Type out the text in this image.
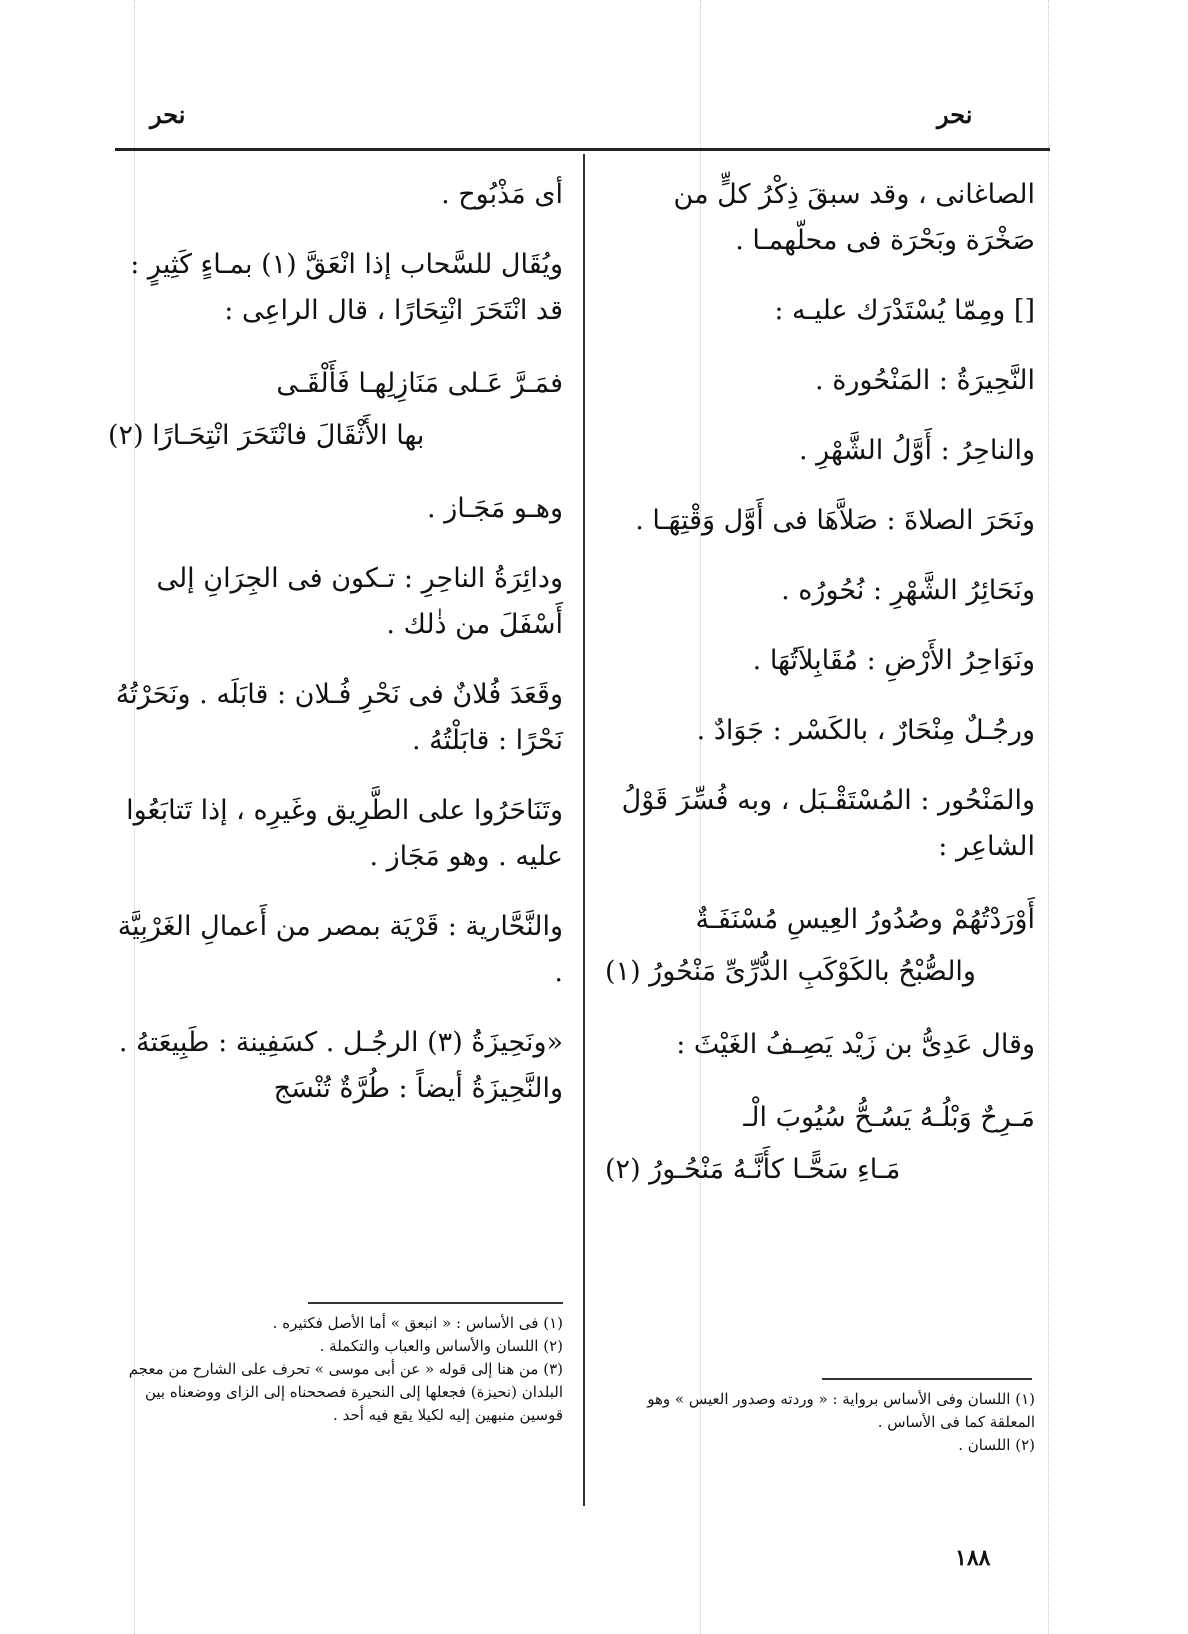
نحر	نحر

الصاغانى ، وقد سبقَ ذِكْرُ كلٍّ من صَخْرَة وبَحْرَة فى محلّهمـا .

[] ومِمّا يُسْتَدْرَك عليـه :

النَّحِيرَةُ : المَنْحُورة .

والناحِرُ : أَوَّلُ الشَّهْرِ .

ونَحَرَ الصلاةَ : صَلاَّهَا فى أَوَّل وَقْتِهَـا .

ونَحَائِرُ الشَّهْرِ : نُحُورُه .

ونَوَاحِرُ الأَرْضِ : مُقَابِلاَتُهَا .

ورجُـلٌ مِنْحَارٌ ، بالكَسْر : جَوَادٌ .

والمَنْحُور : المُسْتَقْـبَل ، وبه فُسِّرَ قَوْلُ الشاعِر :

أَوْرَدْتُهُمْ وصُدُورُ العِيسِ مُسْنَفَـةٌ
والصُّبْحُ بالكَوْكَبِ الدُّرِّىِّ مَنْحُورُ (١)

وقال عَدِىُّ بن زَيْد يَصِـفُ الغَيْثَ :

مَـرِحٌ وَبْلُـهُ يَسُـحُّ سُيُوبَ الْـ
مَـاءِ سَحًّـا كأَنَّـهُ مَنْحُـورُ (٢)
(١) اللسان وفى الأساس برواية : « وردته وصدور العيس » وهو المعلقة كما فى الأساس .
(٢) اللسان .

أى مَذْبُوح .

ويُقَال للسَّحاب إذا انْعَقَّ (١) بمـاءٍ كَثِيرٍ : قد انْتَحَرَ انْتِحَارًا ، قال الراعِى :

فمَـرَّ عَـلى مَنَازِلِهـا فَأَلْقَـى
بها الأَثْقَالَ فانْتَحَرَ انْتِحَـارًا (٢)

وهـو مَجَـاز .

ودائِرَةُ الناحِرِ : تـكون فى الجِرَانِ إلى أَسْفَلَ من ذٰلك .

وقَعَدَ فُلانٌ فى نَحْرِ فُـلان : قابَلَه . ونَحَرْتُهُ نَحْرًا : قابَلْتُهُ .

وتَنَاحَرُوا على الطَّرِيق وغَيرِه ، إذا تَتابَعُوا عليه . وهو مَجَاز .

والنَّحَّارية : قَرْيَة بمصر من أَعمالِ الغَرْبِيَّة .

«ونَحِيزَةُ (٣) الرجُـل . كسَفِينة : طَبِيعَتهُ . والنَّحِيزَةُ أيضاً : طُرَّةٌ تُنْسَج

(١) فى الأساس : « انبعق » أما الأصل فكثيره .
(٢) اللسان والأساس والعباب والتكملة .
(٣) من هنا إلى قوله « عن أبى موسى » تحرف على الشارح من معجم البلدان (نحيزة) فجعلها إلى النحيرة فصححناه إلى الزاى ووضعناه بين قوسين منبهين إليه لكيلا يقع فيه أحد .
١٨٨
